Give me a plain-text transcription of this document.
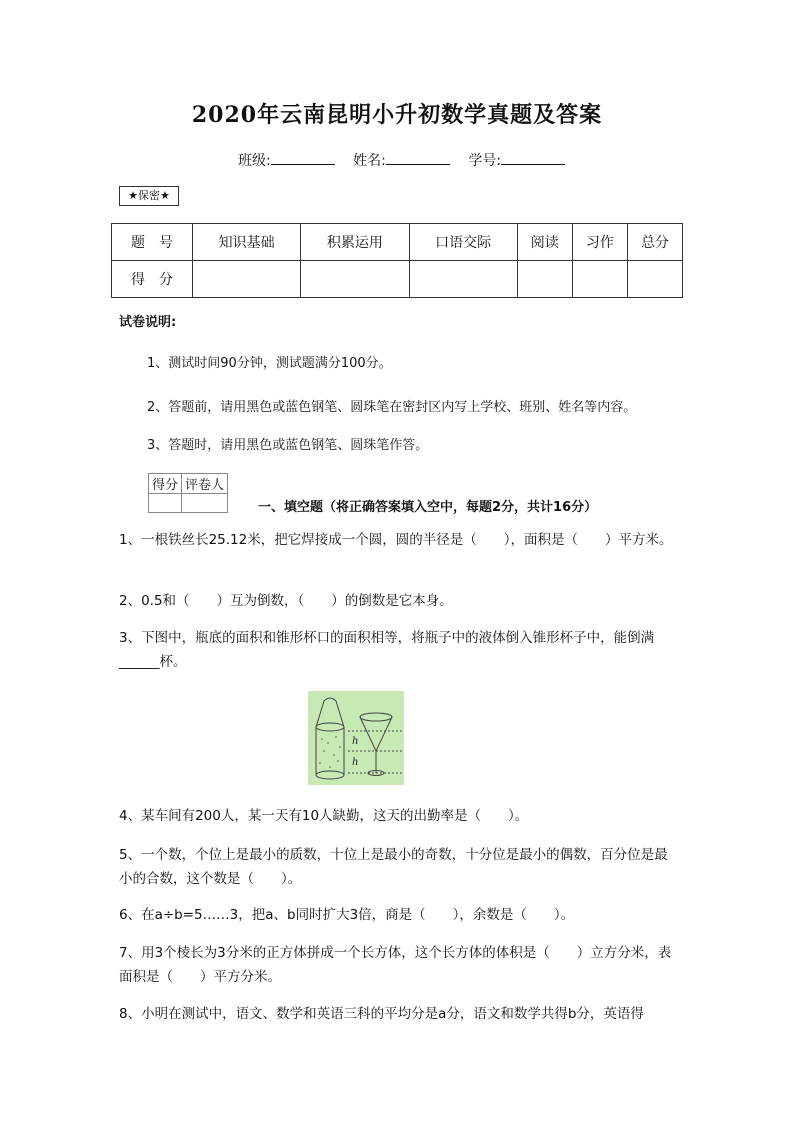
2020年云南昆明小升初数学真题及答案
班级:	姓名:	学号:
★保密★
题　号	知识基础	积累运用	口语交际	阅读	习作	总分
得　分						
试卷说明:
1、测试时间90分钟，测试题满分100分。
2、答题前，请用黑色或蓝色钢笔、圆珠笔在密封区内写上学校、班别、姓名等内容。
3、答题时，请用黑色或蓝色钢笔、圆珠笔作答。
得分	评卷人

一、填空题（将正确答案填入空中，每题2分，共计16分）
1、一根铁丝长25.12米，把它焊接成一个圆，圆的半径是（　　），面积是（　　）平方米。
2、0.5和（　　）互为倒数，（　　）的倒数是它本身。
3、下图中，瓶底的面积和锥形杯口的面积相等，将瓶子中的液体倒入锥形杯子中，能倒满______杯。
h
h
4、某车间有200人，某一天有10人缺勤，这天的出勤率是（　　）。
5、一个数，个位上是最小的质数，十位上是最小的奇数，十分位是最小的偶数，百分位是最小的合数，这个数是（　　）。
6、在a÷b=5……3，把a、b同时扩大3倍，商是（　　），余数是（　　）。
7、用3个棱长为3分米的正方体拼成一个长方体，这个长方体的体积是（　　）立方分米，表面积是（　　）平方分米。
8、小明在测试中，语文、数学和英语三科的平均分是a分，语文和数学共得b分，英语得
